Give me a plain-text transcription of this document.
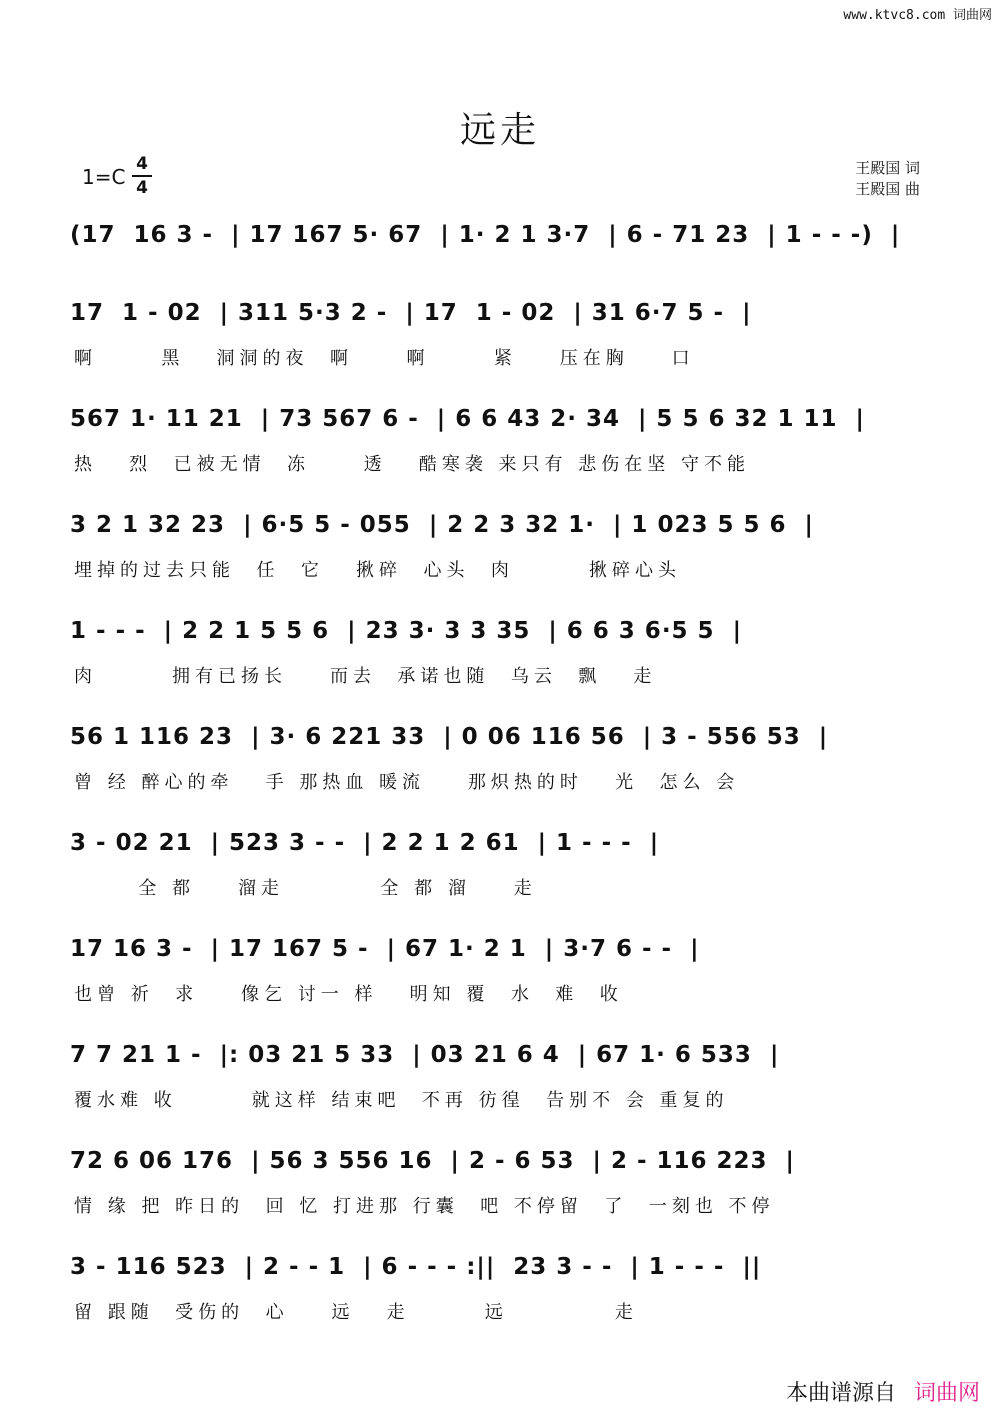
www.ktvc8.com 词曲网
远走
1=C
4
4
王殿国 词
王殿国 曲
(17  16 3 -  | 17 167 5· 67  | 1· 2 1 3·7  | 6 - 71 23  | 1 - - -)  |
17  1 - 02  | 311 5·3 2 -  | 17  1 - 02  | 31 6·7 5 -  |
啊      黑   洞洞的夜  啊     啊      紧    压在胸    口
567 1· 11 21  | 73 567 6 -  | 6 6 43 2· 34  | 5 5 6 32 1 11  |
热   烈  已被无情  冻     透   酷寒袭 来只有 悲伤在坚 守不能
3 2 1 32 23  | 6·5 5 - 055  | 2 2 3 32 1·  | 1 023 5 5 6  |
埋掉的过去只能  任  它   揪碎  心头  肉       揪碎心头
1 - - -  | 2 2 1 5 5 6  | 23 3· 3 3 35  | 6 6 3 6·5 5  |
肉       拥有已扬长    而去  承诺也随  乌云  飘   走
56 1 116 23  | 3· 6 221 33  | 0 06 116 56  | 3 - 556 53  |
曾 经 醉心的牵   手 那热血 暖流    那炽热的时   光  怎么 会
3 - 02 21  | 523 3 - -  | 2 2 1 2 61  | 1 - - -  |
全 都    溜走         全 都 溜    走
17 16 3 -  | 17 167 5 -  | 67 1· 2 1  | 3·7 6 - -  |
也曾 祈  求    像乞 讨一 样   明知 覆  水  难  收
7 7 21 1 -  |: 03 21 5 33  | 03 21 6 4  | 67 1· 6 533  |
覆水难 收       就这样 结束吧  不再 彷徨  告别不 会 重复的
72 6 06 176  | 56 3 556 16  | 2 - 6 53  | 2 - 116 223  |
情 缘 把 昨日的  回 忆 打进那 行囊  吧 不停留  了  一刻也 不停
3 - 116 523  | 2 - - 1  | 6 - - - :||  23 3 - -  | 1 - - -  ||
留 跟随  受伤的  心    远   走       远          走
本曲谱源自 词曲网
